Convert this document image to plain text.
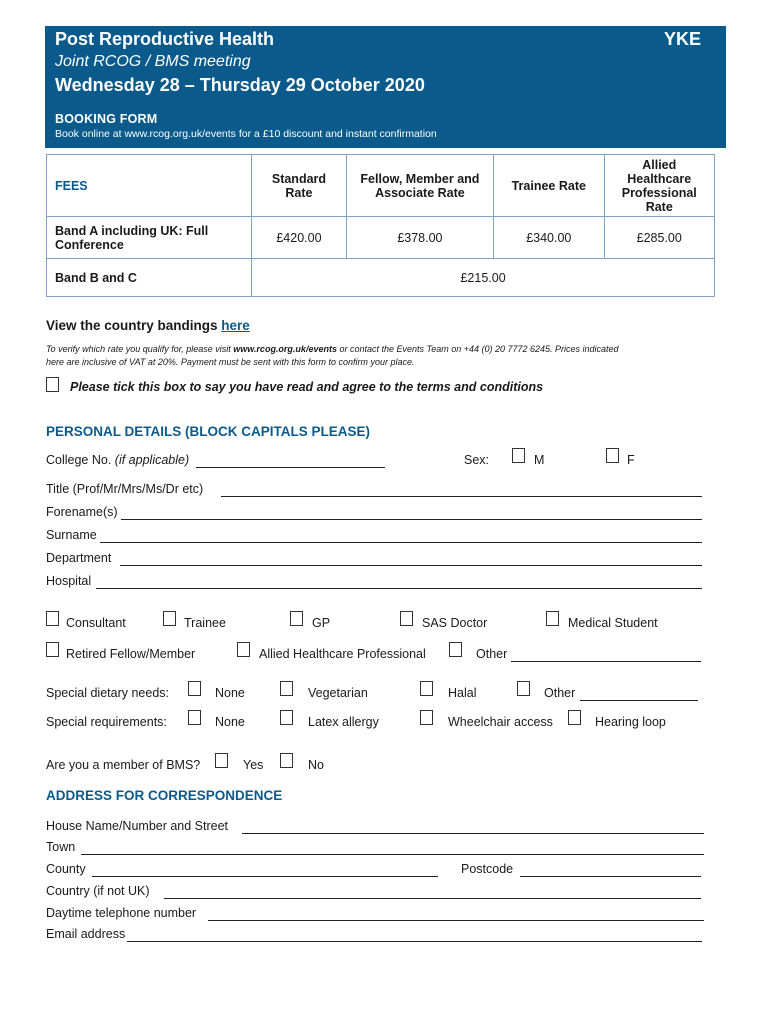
Post Reproductive Health	YKE
Joint RCOG / BMS meeting
Wednesday 28 – Thursday 29 October 2020
BOOKING FORM
Book online at www.rcog.org.uk/events for a £10 discount and instant confirmation
FEES	Standard Rate	Fellow, Member and Associate Rate	Trainee Rate	Allied Healthcare Professional Rate
Band A including UK: Full Conference	£420.00	£378.00	£340.00	£285.00
Band B and C	£215.00			
View the country bandings here
To verify which rate you qualify for, please visit www.rcog.org.uk/events or contact the Events Team on +44 (0) 20 7772 6245. Prices indicated
here are inclusive of VAT at 20%. Payment must be sent with this form to confirm your place.
Please tick this box to say you have read and agree to the terms and conditions
PERSONAL DETAILS (BLOCK CAPITALS PLEASE)
College No. (if applicable)	Sex:	M	F
Title (Prof/Mr/Mrs/Ms/Dr etc)
Forename(s)
Surname
Department
Hospital
Consultant	Trainee	GP	SAS Doctor	Medical Student
Retired Fellow/Member	Allied Healthcare Professional	Other
Special dietary needs:	None	Vegetarian	Halal	Other
Special requirements:	None	Latex allergy	Wheelchair access	Hearing loop
Are you a member of BMS?	Yes	No
ADDRESS FOR CORRESPONDENCE
House Name/Number and Street
Town
County	Postcode
Country (if not UK)
Daytime telephone number
Email address
